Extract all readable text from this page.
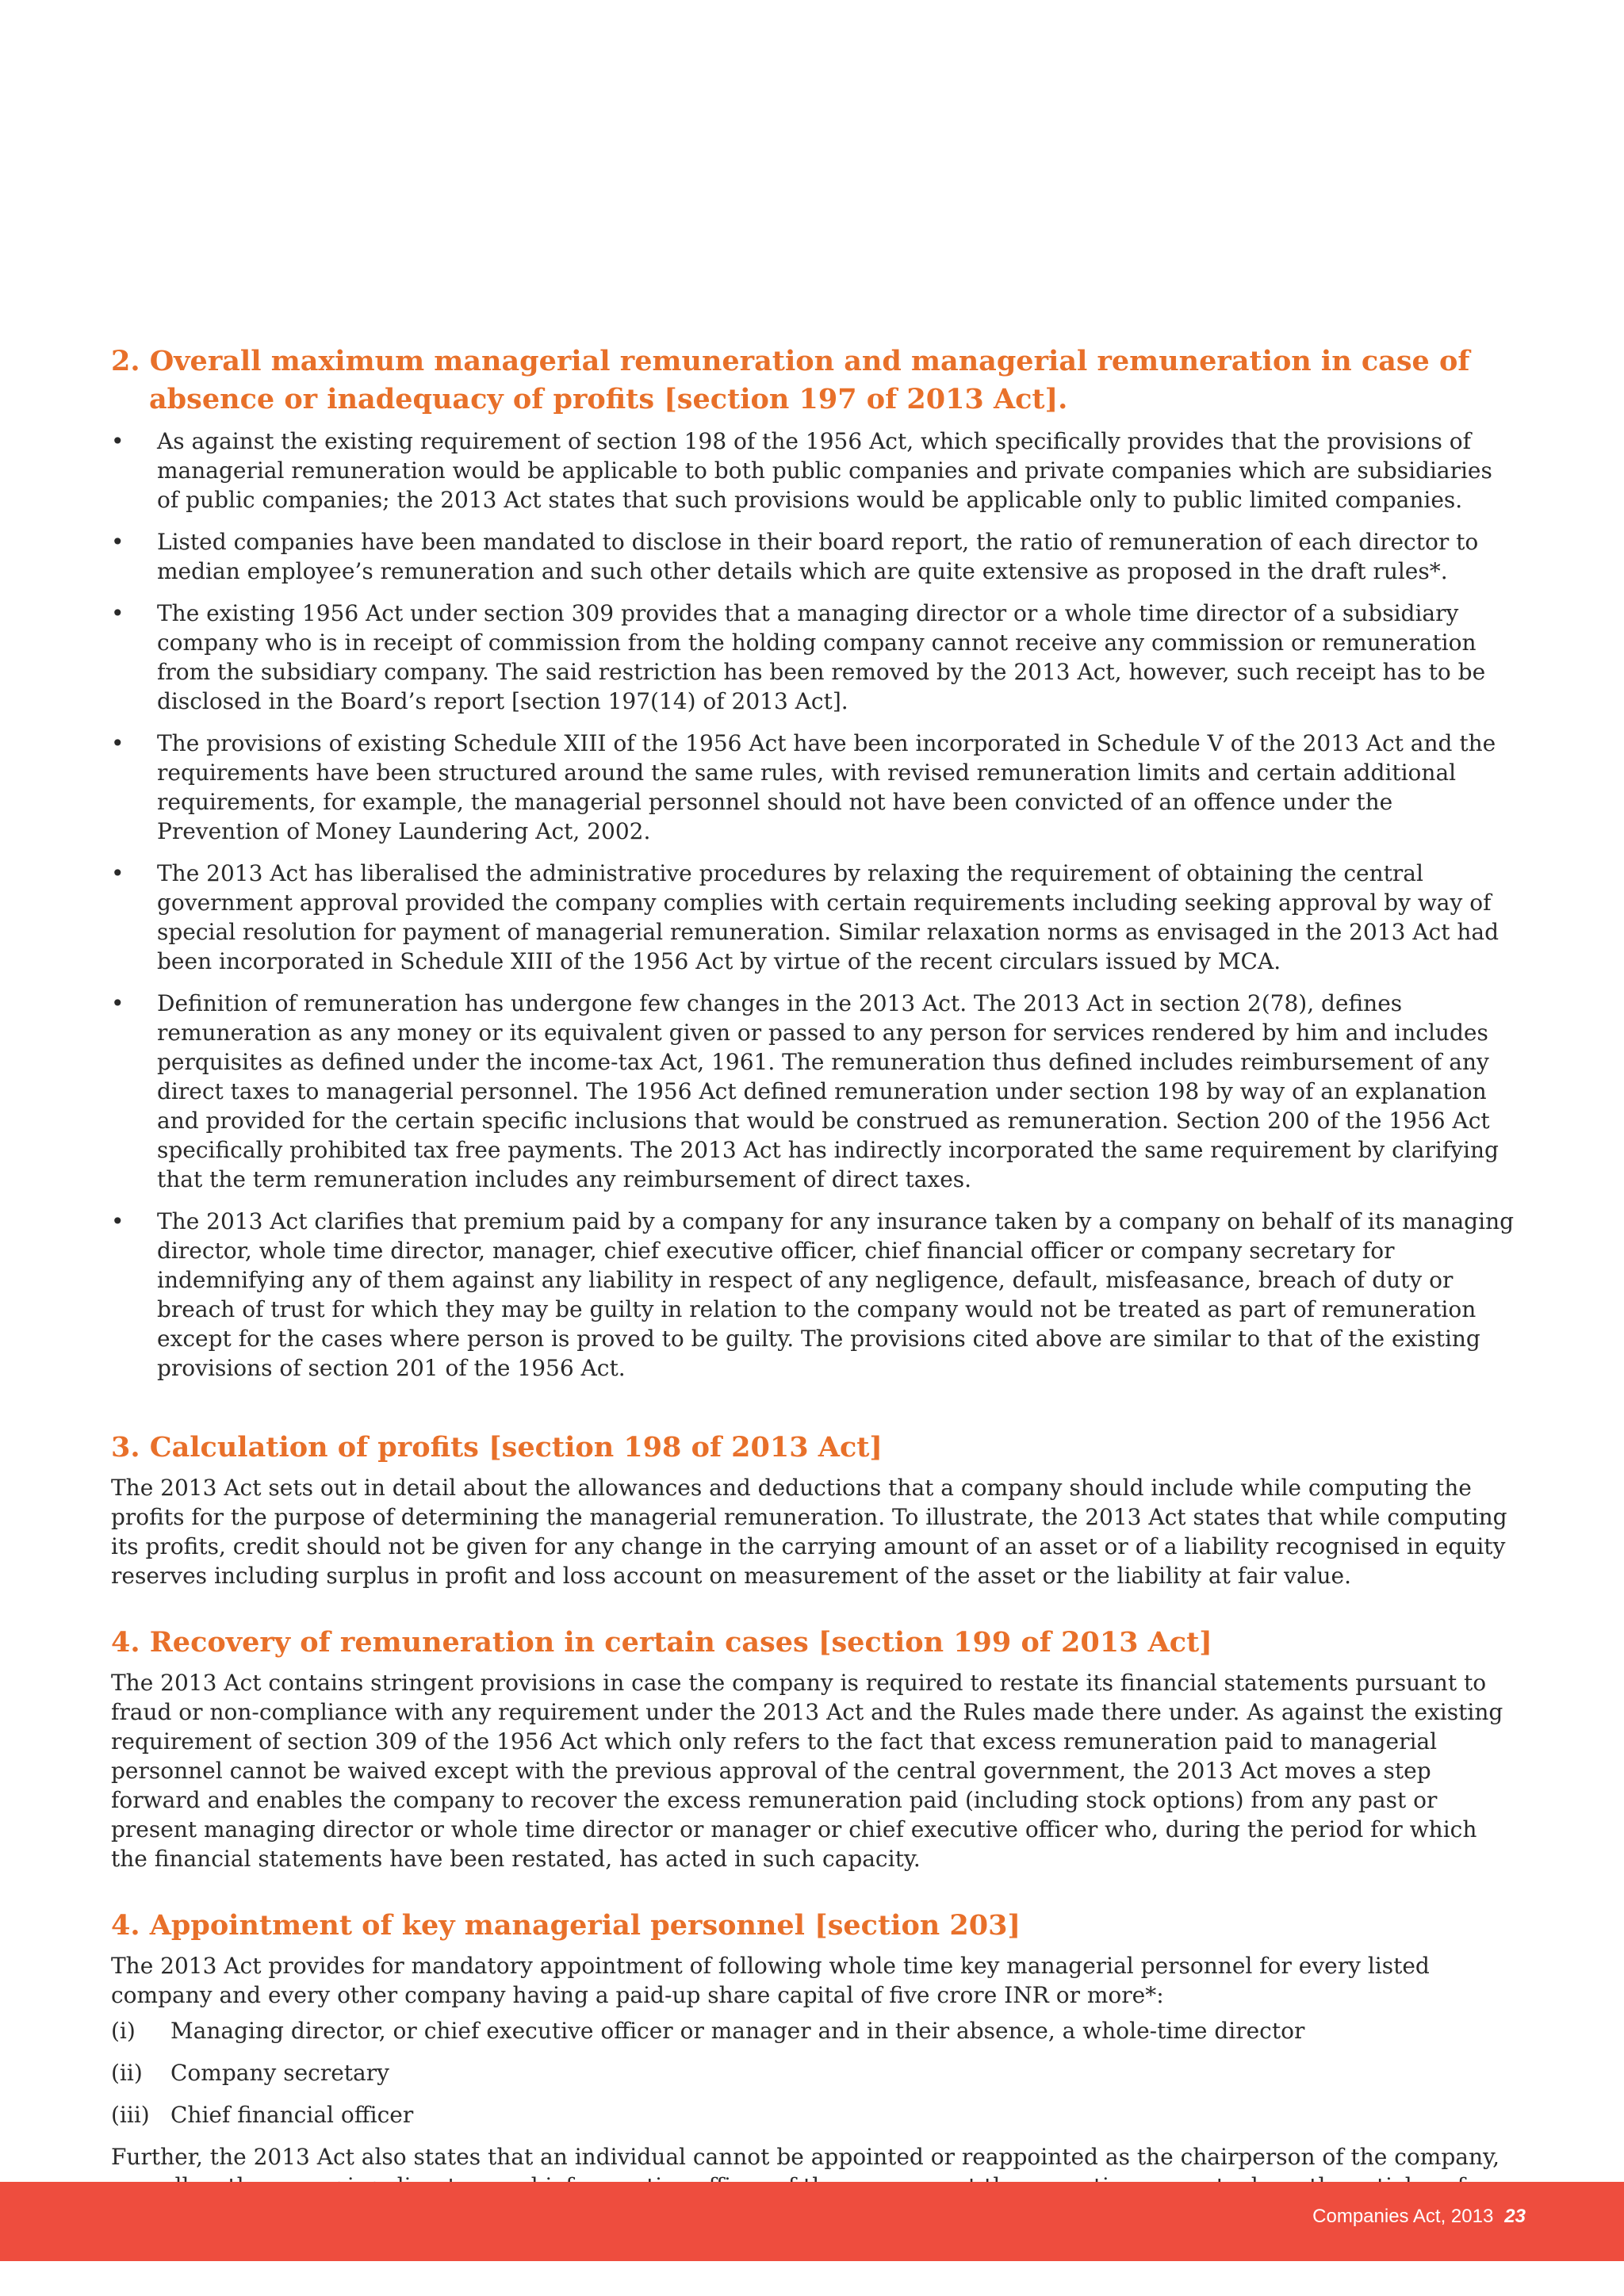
2. Overall maximum managerial remuneration and managerial remuneration in case of absence or inadequacy of profits [section 197 of 2013 Act].
• As against the existing requirement of section 198 of the 1956 Act, which specifically provides that the provisions of managerial remuneration would be applicable to both public companies and private companies which are subsidiaries of public companies; the 2013 Act states that such provisions would be applicable only to public limited companies.
• Listed companies have been mandated to disclose in their board report, the ratio of remuneration of each director to median employee’s remuneration and such other details which are quite extensive as proposed in the draft rules*.
• The existing 1956 Act under section 309 provides that a managing director or a whole time director of a subsidiary company who is in receipt of commission from the holding company cannot receive any commission or remuneration from the subsidiary company. The said restriction has been removed by the 2013 Act, however, such receipt has to be disclosed in the Board’s report [section 197(14) of 2013 Act].
• The provisions of existing Schedule XIII of the 1956 Act have been incorporated in Schedule V of the 2013 Act and the requirements have been structured around the same rules, with revised remuneration limits and certain additional requirements, for example, the managerial personnel should not have been convicted of an offence under the Prevention of Money Laundering Act, 2002.
• The 2013 Act has liberalised the administrative procedures by relaxing the requirement of obtaining the central government approval provided the company complies with certain requirements including seeking approval by way of special resolution for payment of managerial remuneration. Similar relaxation norms as envisaged in the 2013 Act had been incorporated in Schedule XIII of the 1956 Act by virtue of the recent circulars issued by MCA.
• Definition of remuneration has undergone few changes in the 2013 Act. The 2013 Act in section 2(78), defines remuneration as any money or its equivalent given or passed to any person for services rendered by him and includes perquisites as defined under the income-tax Act, 1961. The remuneration thus defined includes reimbursement of any direct taxes to managerial personnel. The 1956 Act defined remuneration under section 198 by way of an explanation and provided for the certain specific inclusions that would be construed as remuneration. Section 200 of the 1956 Act specifically prohibited tax free payments. The 2013 Act has indirectly incorporated the same requirement by clarifying that the term remuneration includes any reimbursement of direct taxes.
• The 2013 Act clarifies that premium paid by a company for any insurance taken by a company on behalf of its managing director, whole time director, manager, chief executive officer, chief financial officer or company secretary for indemnifying any of them against any liability in respect of any negligence, default, misfeasance, breach of duty or breach of trust for which they may be guilty in relation to the company would not be treated as part of remuneration except for the cases where person is proved to be guilty. The provisions cited above are similar to that of the existing provisions of section 201 of the 1956 Act.
3. Calculation of profits [section 198 of 2013 Act]

The 2013 Act sets out in detail about the allowances and deductions that a company should include while computing the profits for the purpose of determining the managerial remuneration. To illustrate, the 2013 Act states that while computing its profits, credit should not be given for any change in the carrying amount of an asset or of a liability recognised in equity reserves including surplus in profit and loss account on measurement of the asset or the liability at fair value.

4. Recovery of remuneration in certain cases [section 199 of 2013 Act]

The 2013 Act contains stringent provisions in case the company is required to restate its financial statements pursuant to fraud or non-compliance with any requirement under the 2013 Act and the Rules made there under. As against the existing requirement of section 309 of the 1956 Act which only refers to the fact that excess remuneration paid to managerial personnel cannot be waived except with the previous approval of the central government, the 2013 Act moves a step forward and enables the company to recover the excess remuneration paid (including stock options) from any past or present managing director or whole time director or manager or chief executive officer who, during the period for which the financial statements have been restated, has acted in such capacity.

4. Appointment of key managerial personnel [section 203]

The 2013 Act provides for mandatory appointment of following whole time key managerial personnel for every listed company and every other company having a paid-up share capital of five crore INR or more*:

(i) Managing director, or chief executive officer or manager and in their absence, a whole-time director
(ii) Company secretary
(iii) Chief financial officer

Further, the 2013 Act also states that an individual cannot be appointed or reappointed as the chairperson of the company,

Companies Act, 2013 23
